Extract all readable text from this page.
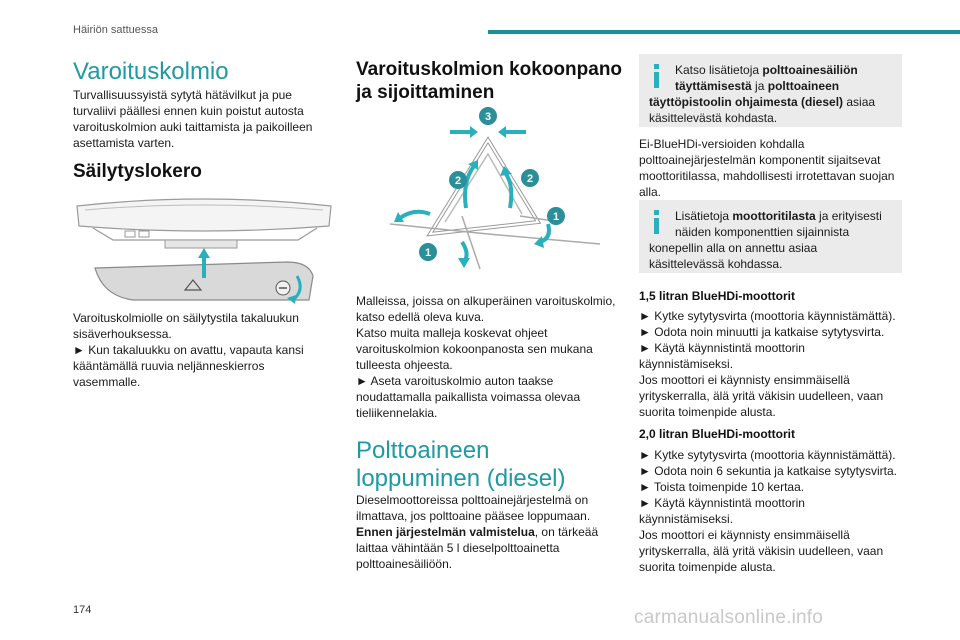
Häiriön sattuessa
Varoituskolmio

Turvallisuussyistä sytytä hätävilkut ja pue turvaliivi päällesi ennen kuin poistut autosta varoituskolmion auki taittamista ja paikoilleen asettamista varten.

Säilytyslokero

Varoituskolmiolle on säilytystila takaluukun sisäverhouksessa.

► Kun takaluukku on avattu, vapauta kansi kääntämällä ruuvia neljänneskierros vasemmalle.

Varoituskolmion kokoonpano ja sijoittaminen
3
2	2
1
1

Malleissa, joissa on alkuperäinen varoituskolmio, katso edellä oleva kuva.

Katso muita malleja koskevat ohjeet varoituskolmion kokoonpanosta sen mukana tulleesta ohjeesta.

► Aseta varoituskolmio auton taakse noudattamalla paikallista voimassa olevaa tieliikennelakia.

Polttoaineen loppuminen (diesel)

Dieselmoottoreissa polttoainejärjestelmä on ilmattava, jos polttoaine pääsee loppumaan.

Ennen järjestelmän valmistelua, on tärkeää laittaa vähintään 5 l dieselpolttoainetta polttoainesäiliöön.

Katso lisätietoja polttoainesäiliön täyttämisestä ja polttoaineen täyttöpistoolin ohjaimesta (diesel) asiaa käsittelevästä kohdasta.

Ei-BlueHDi-versioiden kohdalla polttoainejärjestelmän komponentit sijaitsevat moottoritilassa, mahdollisesti irrotettavan suojan alla.

Lisätietoja moottoritilasta ja erityisesti näiden komponenttien sijainnista konepellin alla on annettu asiaa käsittelevässä kohdassa.
1,5 litran BlueHDi-moottorit

► Kytke sytytysvirta (moottoria käynnistämättä).

► Odota noin minuutti ja katkaise sytytysvirta.

► Käytä käynnistintä moottorin käynnistämiseksi.

Jos moottori ei käynnisty ensimmäisellä yrityskerralla, älä yritä väkisin uudelleen, vaan suorita toimenpide alusta.

2,0 litran BlueHDi-moottorit

► Kytke sytytysvirta (moottoria käynnistämättä).

► Odota noin 6 sekuntia ja katkaise sytytysvirta.

► Toista toimenpide 10 kertaa.

► Käytä käynnistintä moottorin käynnistämiseksi.

Jos moottori ei käynnisty ensimmäisellä yrityskerralla, älä yritä väkisin uudelleen, vaan suorita toimenpide alusta.

174	carmanualsonline.info
